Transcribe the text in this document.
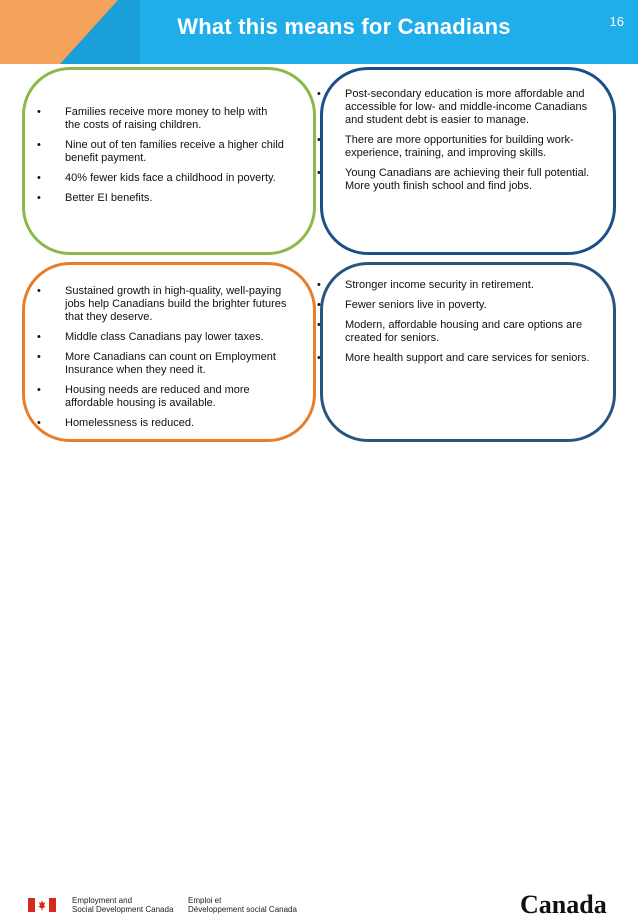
What this means for Canadians	16
• Families receive more money to help with the costs of raising children.
• Nine out of ten families receive a higher child benefit payment.
• 40% fewer kids face a childhood in poverty.
• Better EI benefits.
• Post-secondary education is more affordable and accessible for low- and middle-income Canadians and student debt is easier to manage.
• There are more opportunities for building work-experience, training, and improving skills.
• Young Canadians are achieving their full potential. More youth finish school and find jobs.
• Sustained growth in high-quality, well-paying jobs help Canadians build the brighter futures that they deserve.
• Middle class Canadians pay lower taxes.
• More Canadians can count on Employment Insurance when they need it.
• Housing needs are reduced and more affordable housing is available.
• Homelessness is reduced.
• Stronger income security in retirement.
• Fewer seniors live in poverty.
• Modern, affordable housing and care options are created for seniors.
• More health support and care services for seniors.
Employment and
Social Development Canada
Emploi et
Développement social Canada	Canada
